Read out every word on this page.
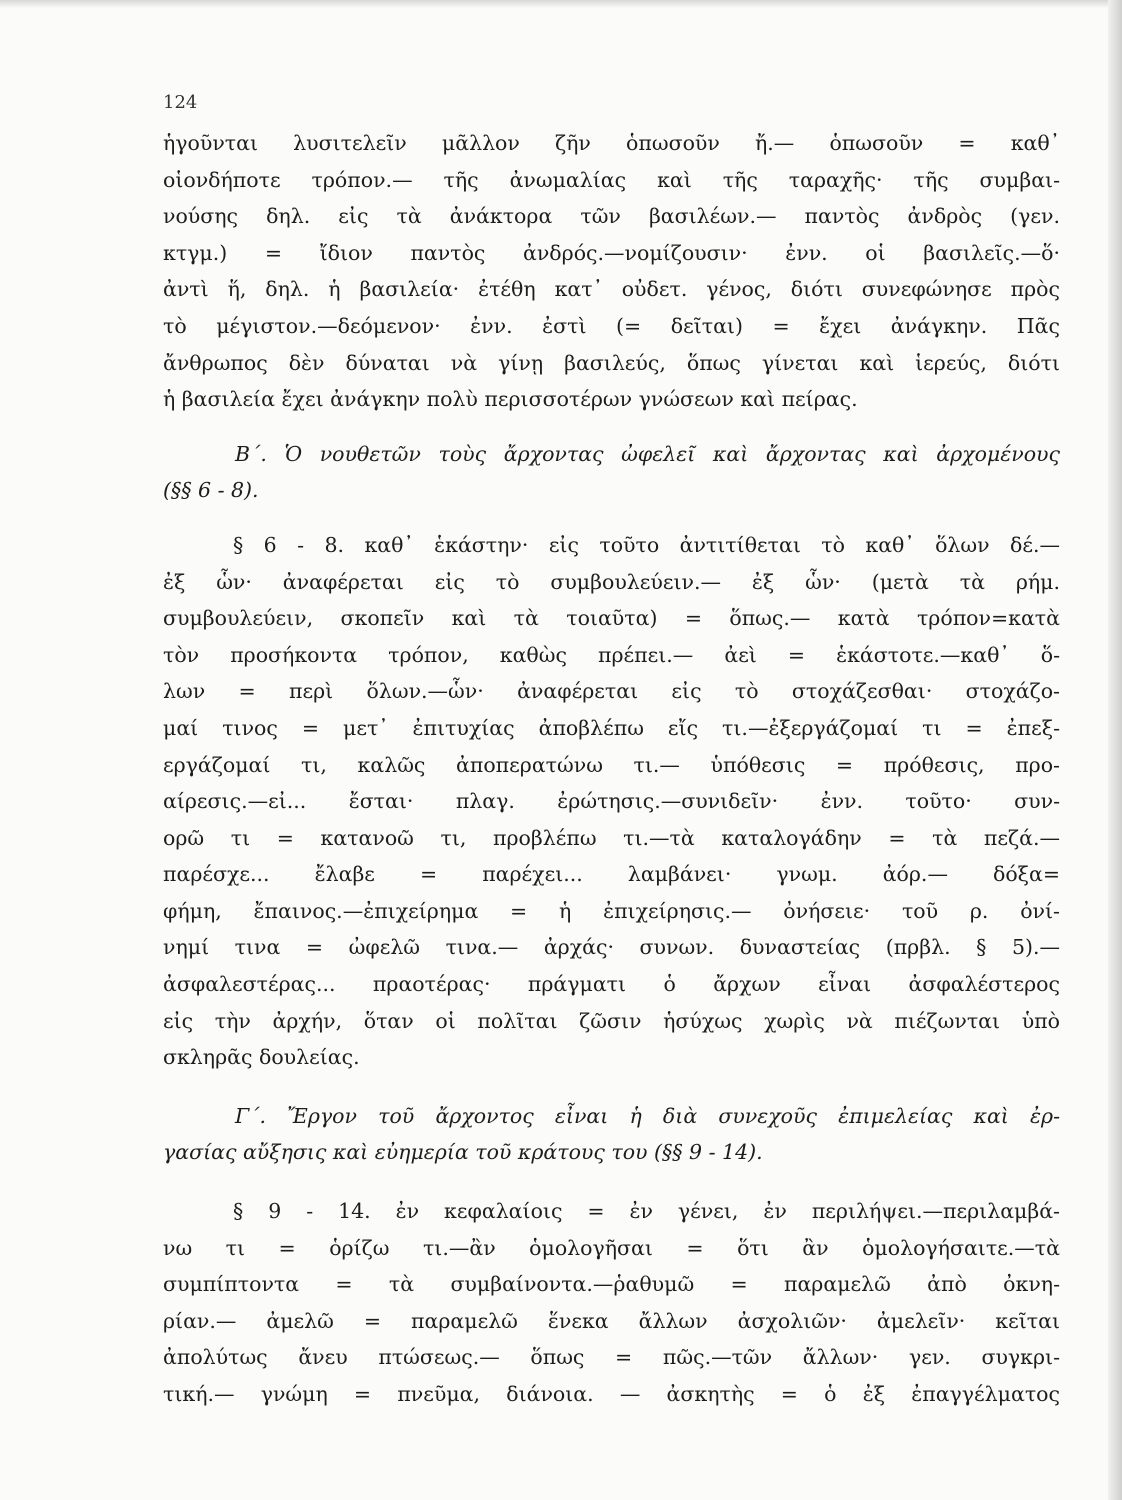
124
ἡγοῦνται λυσιτελεῖν μᾶλλον ζῆν ὁπωσοῦν ἤ.— ὁπωσοῦν = καθ᾽
οἱονδήποτε τρόπον.— τῆς ἀνωμαλίας καὶ τῆς ταραχῆς· τῆς συμβαι-
νούσης δηλ. εἰς τὰ ἀνάκτορα τῶν βασιλέων.— παντὸς ἀνδρὸς (γεν.
κτγμ.) = ἴδιον παντὸς ἀνδρός.—νομίζουσιν· ἐνν. οἱ βασιλεῖς.—ὅ·
ἀντὶ ἥ, δηλ. ἡ βασιλεία· ἐτέθη κατ᾽ οὐδετ. γένος, διότι συνεφώνησε πρὸς
τὸ μέγιστον.—δεόμενον· ἐνν. ἐστὶ (= δεῖται) = ἔχει ἀνάγκην. Πᾶς
ἄνθρωπος δὲν δύναται νὰ γίνῃ βασιλεύς, ὅπως γίνεται καὶ ἱερεύς, διότι
ἡ βασιλεία ἔχει ἀνάγκην πολὺ περισσοτέρων γνώσεων καὶ πείρας.
Β΄. Ὁ νουθετῶν τοὺς ἄρχοντας ὠφελεῖ καὶ ἄρχοντας καὶ ἀρχομένους
(§§ 6 - 8).
§ 6 - 8. καθ᾽ ἑκάστην· εἰς τοῦτο ἀντιτίθεται τὸ καθ᾽ ὅλων δέ.—
ἐξ ὧν· ἀναφέρεται εἰς τὸ συμβουλεύειν.— ἐξ ὧν· (μετὰ τὰ ρήμ.
συμβουλεύειν, σκοπεῖν καὶ τὰ τοιαῦτα) = ὅπως.— κατὰ τρόπον=κατὰ
τὸν προσήκοντα τρόπον, καθὼς πρέπει.— ἀεὶ = ἑκάστοτε.—καθ᾽ ὅ-
λων = περὶ ὅλων.—ὧν· ἀναφέρεται εἰς τὸ στοχάζεσθαι· στοχάζο-
μαί τινος = μετ᾽ ἐπιτυχίας ἀποβλέπω εἴς τι.—ἐξεργάζομαί τι = ἐπεξ-
εργάζομαί τι, καλῶς ἀποπερατώνω τι.— ὑπόθεσις = πρόθεσις, προ-
αίρεσις.—εἰ... ἔσται· πλαγ. ἐρώτησις.—συνιδεῖν· ἐνν. τοῦτο· συν-
ορῶ τι = κατανοῶ τι, προβλέπω τι.—τὰ καταλογάδην = τὰ πεζά.—
παρέσχε... ἔλαβε = παρέχει... λαμβάνει· γνωμ. ἀόρ.— δόξα=
φήμη, ἔπαινος.—ἐπιχείρημα = ἡ ἐπιχείρησις.— ὀνήσειε· τοῦ ρ. ὀνί-
νημί τινα = ὠφελῶ τινα.— ἀρχάς· συνων. δυναστείας (πρβλ. § 5).—
ἀσφαλεστέρας... πραοτέρας· πράγματι ὁ ἄρχων εἶναι ἀσφαλέστερος
εἰς τὴν ἀρχήν, ὅταν οἱ πολῖται ζῶσιν ἡσύχως χωρὶς νὰ πιέζωνται ὑπὸ
σκληρᾶς δουλείας.
Γ΄. Ἔργον τοῦ ἄρχοντος εἶναι ἡ διὰ συνεχοῦς ἐπιμελείας καὶ ἐρ-
γασίας αὔξησις καὶ εὐημερία τοῦ κράτους του (§§ 9 - 14).
§ 9 - 14. ἐν κεφαλαίοις = ἐν γένει, ἐν περιλήψει.—περιλαμβά-
νω τι = ὁρίζω τι.—ἂν ὁμολογῆσαι = ὅτι ἂν ὁμολογήσαιτε.—τὰ
συμπίπτοντα = τὰ συμβαίνοντα.—ῥαθυμῶ = παραμελῶ ἀπὸ ὀκνη-
ρίαν.— ἀμελῶ = παραμελῶ ἕνεκα ἄλλων ἀσχολιῶν· ἀμελεῖν· κεῖται
ἀπολύτως ἄνευ πτώσεως.— ὅπως = πῶς.—τῶν ἄλλων· γεν. συγκρι-
τική.— γνώμη = πνεῦμα, διάνοια. — ἀσκητὴς = ὁ ἐξ ἐπαγγέλματος
